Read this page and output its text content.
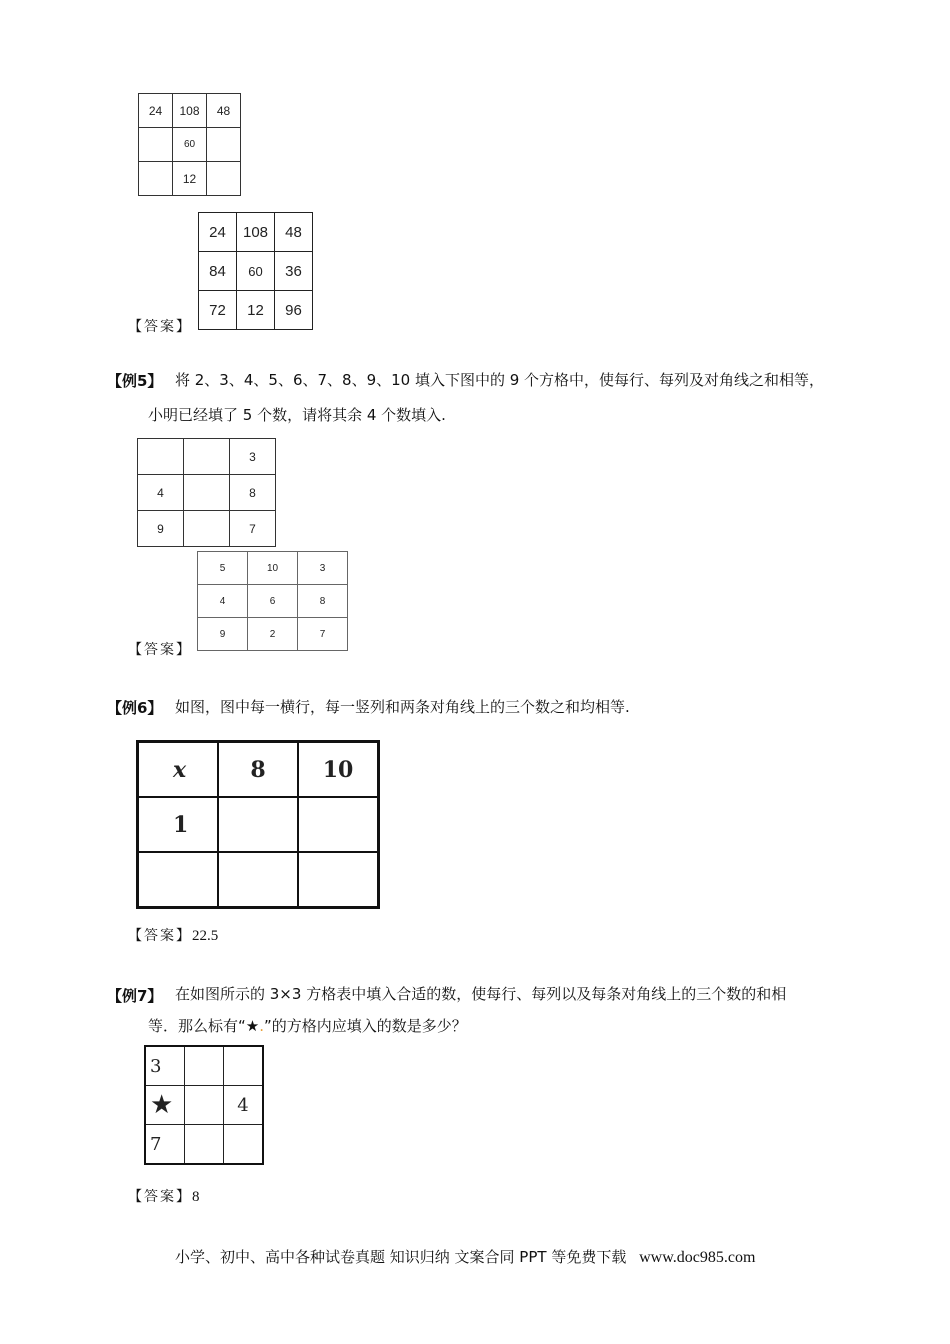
24	108	48
	60	
	12	
【答案】
24	108	48
84	60	36
72	12	96
【例5】 将 2、3、4、5、6、7、8、9、10 填入下图中的 9 个方格中，使每行、每列及对角线之和相等，
小明已经填了 5 个数，请将其余 4 个数填入.
		3
4		8
9		7
【答案】
5	10	3
4	6	8
9	2	7
【例6】 如图，图中每一横行，每一竖列和两条对角线上的三个数之和均相等.
x	8	10
1		

【答案】22.5
【例7】 在如图所示的 3×3 方格表中填入合适的数，使每行、每列以及每条对角线上的三个数的和相
等．那么标有“★.”的方格内应填入的数是多少？
3		
★		4
7		
【答案】8
小学、初中、高中各种试卷真题 知识归纳 文案合同 PPT 等免费下载 www.doc985.com
